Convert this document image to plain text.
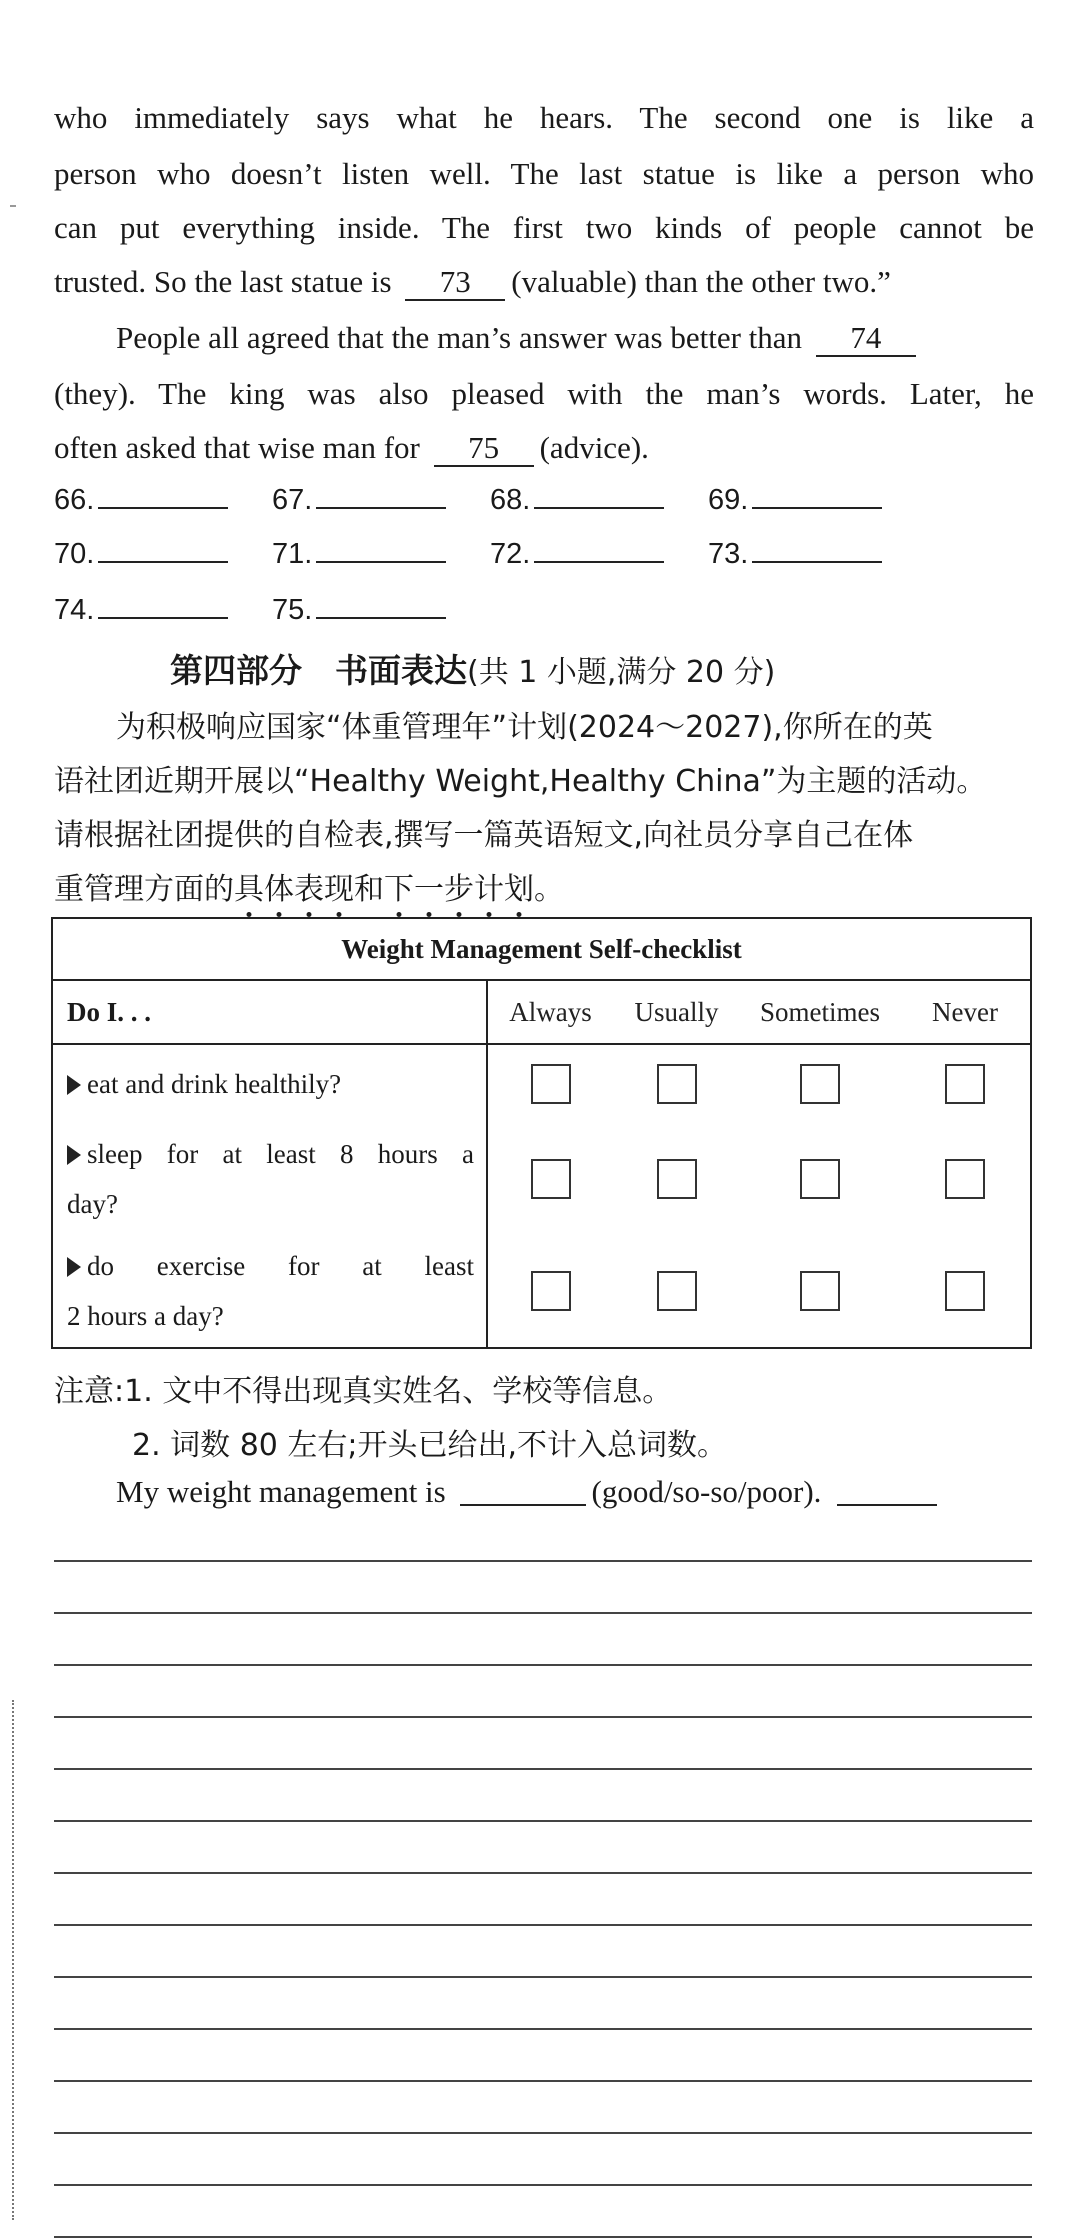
who immediately says what he hears. The second one is like a
person who doesn’t listen well. The last statue is like a person who
can put everything inside. The first two kinds of people cannot be
trusted. So the last statue is 73 (valuable) than the other two.”
People all agreed that the man’s answer was better than 74
(they). The king was also pleased with the man’s words. Later, he
often asked that wise man for 75 (advice).
66.	67.	68.	69.
70.	71.	72.	73.
74.	75.
第四部分　书面表达(共 1 小题,满分 20 分)
为积极响应国家“体重管理年”计划(2024～2027),你所在的英
语社团近期开展以“Healthy Weight,Healthy China”为主题的活动。
请根据社团提供的自检表,撰写一篇英语短文,向社员分享自己在体
重管理方面的具体表现和下一步计划。
Weight Management Self-checklist				
Do I. . .	Always	Usually	Sometimes	Never

eat and drink healthily?				

sleep for at least 8 hours a
day?				

do exercise for at least
2 hours a day?				

注意:1. 文中不得出现真实姓名、学校等信息。
2. 词数 80 左右;开头已给出,不计入总词数。
My weight management is	(good/so-so/poor).
